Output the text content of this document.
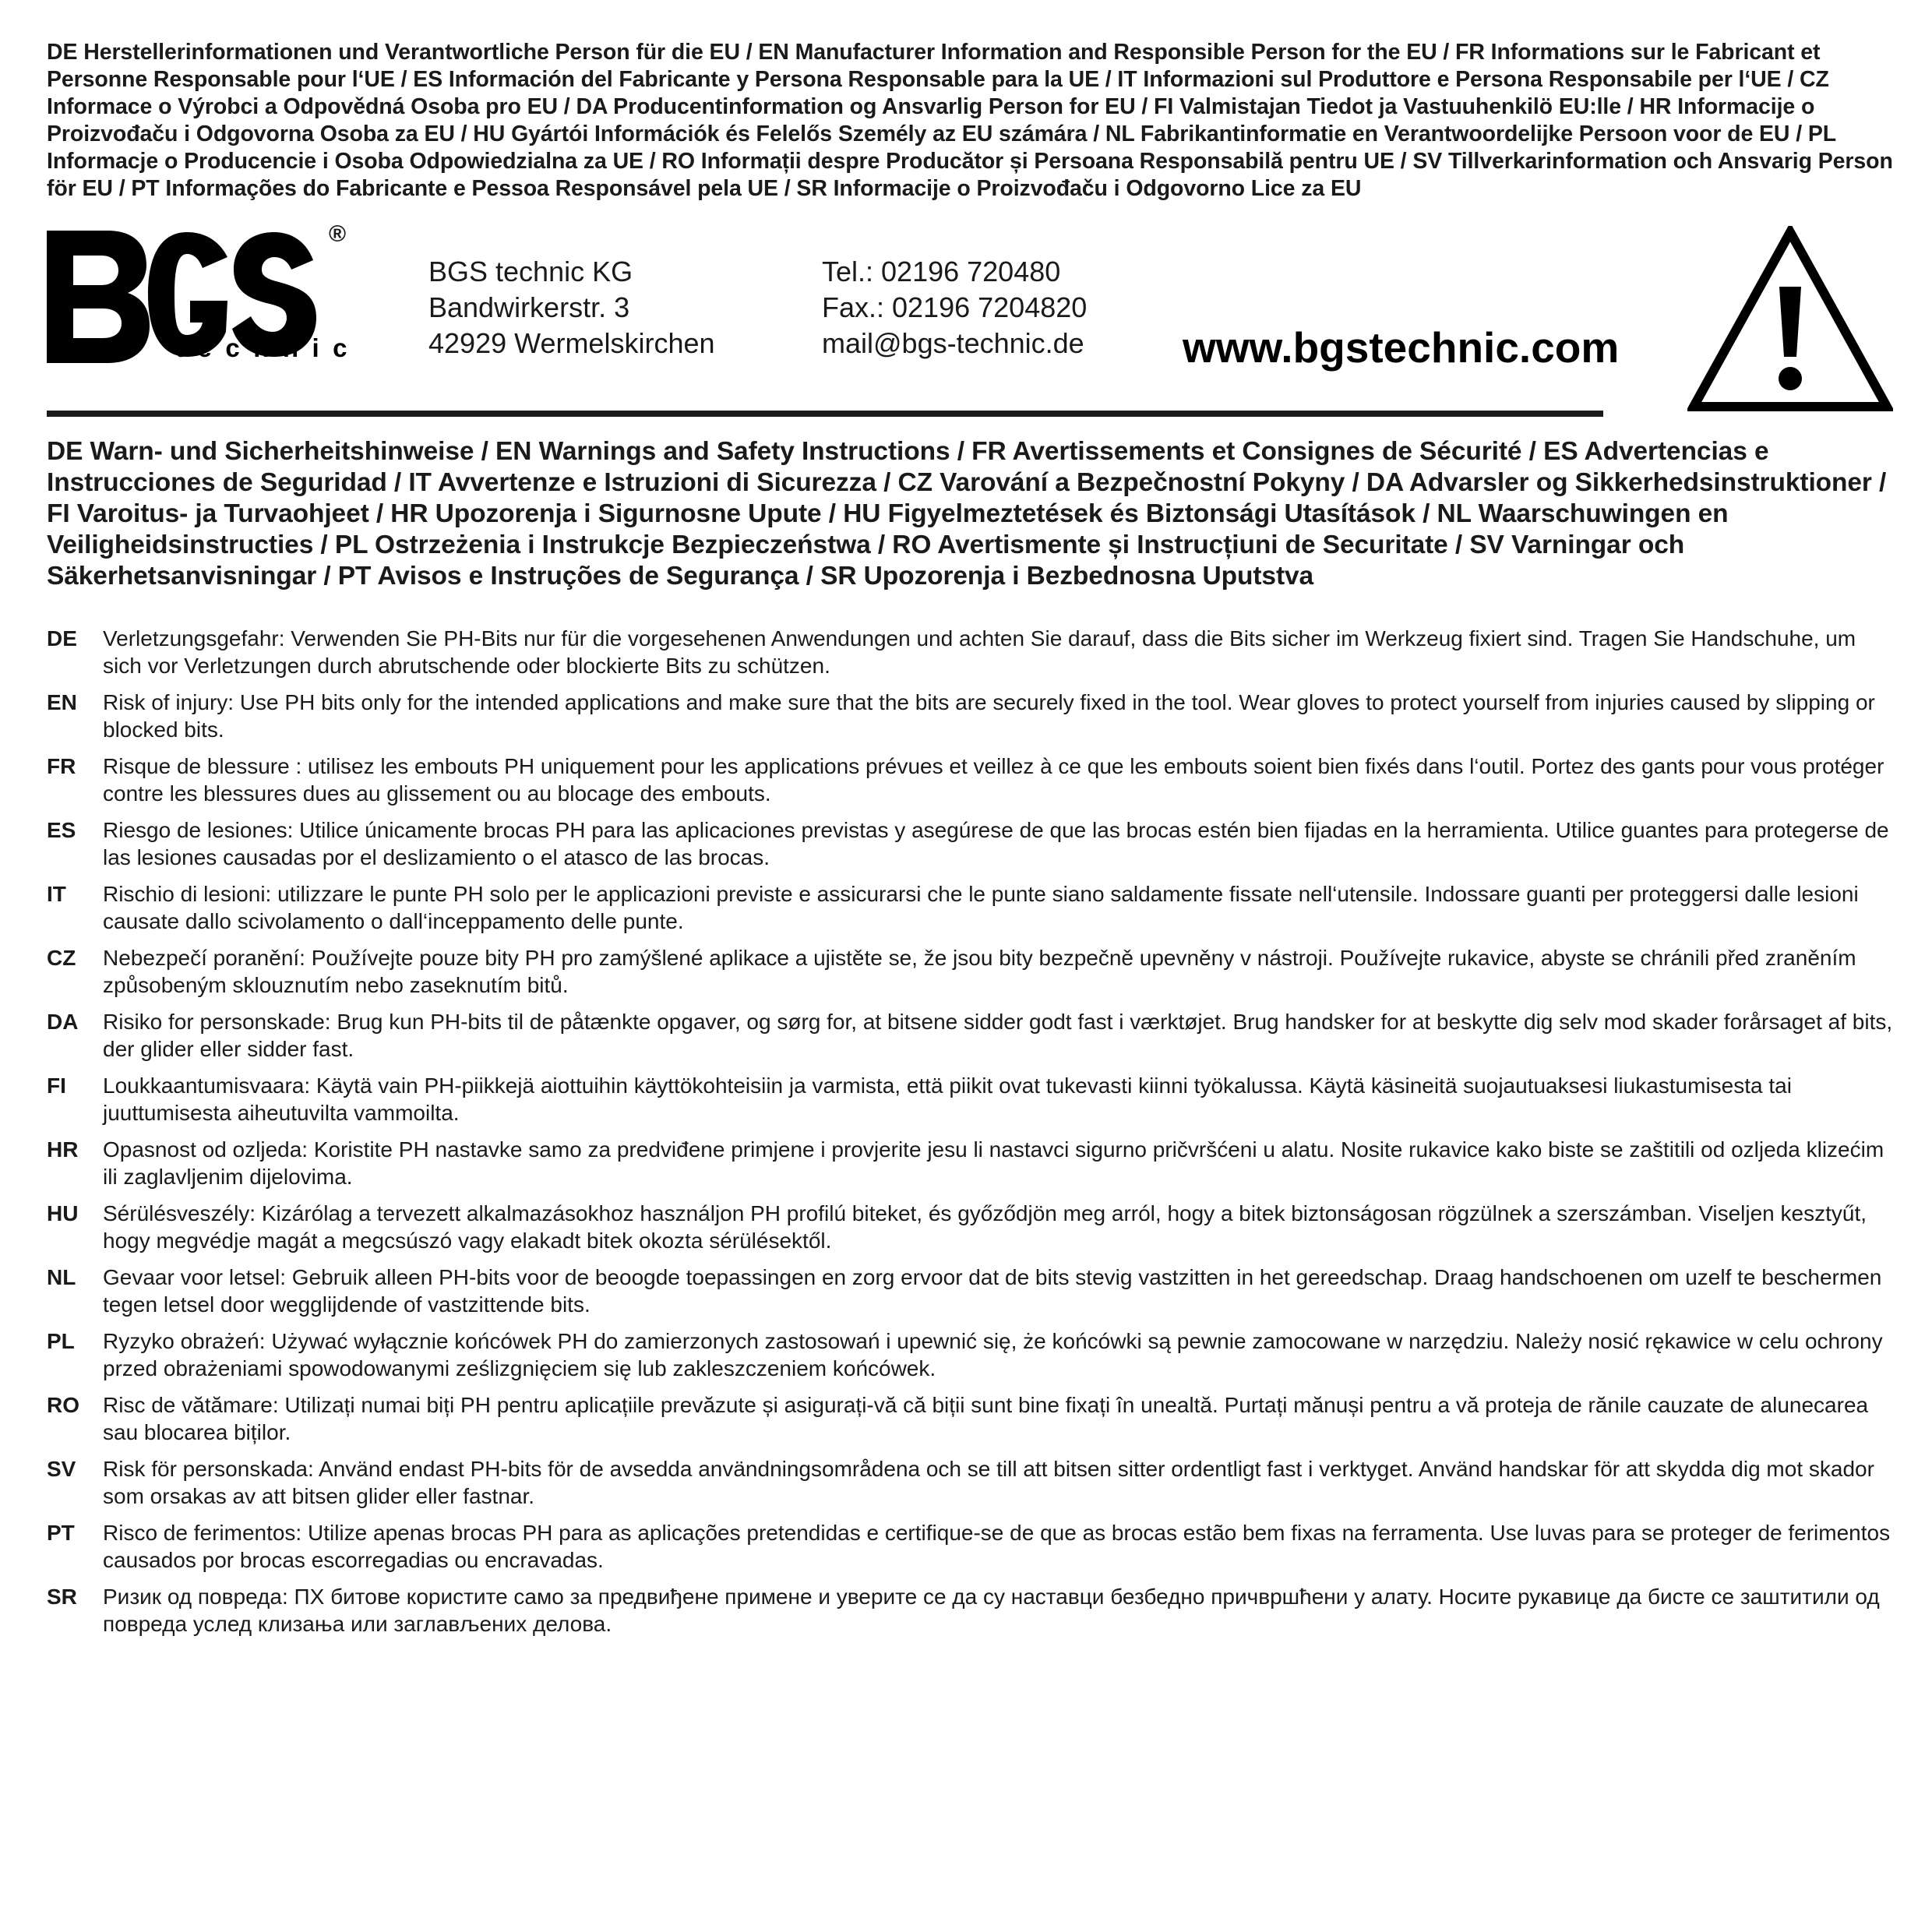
DE Herstellerinformationen und Verantwortliche Person für die EU / EN Manufacturer Information and Responsible Person for the EU / FR Informations sur le Fabricant et Personne Responsable pour l‘UE / ES Información del Fabricante y Persona Responsable para la UE / IT Informazioni sul Produttore e Persona Responsabile per l‘UE / CZ Informace o Výrobci a Odpovědná Osoba pro EU / DA Producentinformation og Ansvarlig Person for EU / FI Valmistajan Tiedot ja Vastuuhenkilö EU:lle / HR Informacije o Proizvođaču i Odgovorna Osoba za EU / HU Gyártói Információk és Felelős Személy az EU számára / NL Fabrikantinformatie en Verantwoordelijke Persoon voor de EU / PL Informacje o Producencie i Osoba Odpowiedzialna za UE / RO Informații despre Producător și Persoana Responsabilă pentru UE / SV Tillverkarinformation och Ansvarig Person för EU / PT Informações do Fabricante e Pessoa Responsável pela UE / SR Informacije o Proizvođaču i Odgovorno Lice za EU

technic
®
BGS technic KG
Bandwirkerstr. 3
42929 Wermelskirchen
Tel.: 02196 720480
Fax.: 02196 7204820
mail@bgs-technic.de www.bgstechnic.com

DE Warn- und Sicherheitshinweise / EN Warnings and Safety Instructions / FR Avertissements et Consignes de Sécurité / ES Advertencias e Instrucciones de Seguridad / IT Avvertenze e Istruzioni di Sicurezza / CZ Varování a Bezpečnostní Pokyny / DA Advarsler og Sikkerhedsinstruktioner / FI Varoitus- ja Turvaohjeet / HR Upozorenja i Sigurnosne Upute / HU Figyelmeztetések és Biztonsági Utasítások / NL Waarschuwingen en Veiligheidsinstructies / PL Ostrzeżenia i Instrukcje Bezpieczeństwa / RO Avertismente și Instrucțiuni de Securitate / SV Varningar och Säkerhetsanvisningar / PT Avisos e Instruções de Segurança / SR Upozorenja i Bezbednosna Uputstva

DE Verletzungsgefahr: Verwenden Sie PH-Bits nur für die vorgesehenen Anwendungen und achten Sie darauf, dass die Bits sicher im Werkzeug fixiert sind. Tragen Sie Handschuhe, um sich vor Verletzungen durch abrutschende oder blockierte Bits zu schützen.
EN Risk of injury: Use PH bits only for the intended applications and make sure that the bits are securely fixed in the tool. Wear gloves to protect yourself from injuries caused by slipping or blocked bits.
FR Risque de blessure : utilisez les embouts PH uniquement pour les applications prévues et veillez à ce que les embouts soient bien fixés dans l‘outil. Portez des gants pour vous protéger contre les blessures dues au glissement ou au blocage des embouts.
ES Riesgo de lesiones: Utilice únicamente brocas PH para las aplicaciones previstas y asegúrese de que las brocas estén bien fijadas en la herramienta. Utilice guantes para protegerse de las lesiones causadas por el deslizamiento o el atasco de las brocas.
IT Rischio di lesioni: utilizzare le punte PH solo per le applicazioni previste e assicurarsi che le punte siano saldamente fissate nell‘utensile. Indossare guanti per proteggersi dalle lesioni causate dallo scivolamento o dall‘inceppamento delle punte.
CZ Nebezpečí poranění: Používejte pouze bity PH pro zamýšlené aplikace a ujistěte se, že jsou bity bezpečně upevněny v nástroji. Používejte rukavice, abyste se chránili před zraněním způsobeným sklouznutím nebo zaseknutím bitů.
DA Risiko for personskade: Brug kun PH-bits til de påtænkte opgaver, og sørg for, at bitsene sidder godt fast i værktøjet. Brug handsker for at beskytte dig selv mod skader forårsaget af bits, der glider eller sidder fast.
FI Loukkaantumisvaara: Käytä vain PH-piikkejä aiottuihin käyttökohteisiin ja varmista, että piikit ovat tukevasti kiinni työkalussa. Käytä käsineitä suojautuaksesi liukastumisesta tai juuttumisesta aiheutuvilta vammoilta.
HR Opasnost od ozljeda: Koristite PH nastavke samo za predviđene primjene i provjerite jesu li nastavci sigurno pričvršćeni u alatu. Nosite rukavice kako biste se zaštitili od ozljeda klizećim ili zaglavljenim dijelovima.
HU Sérülésveszély: Kizárólag a tervezett alkalmazásokhoz használjon PH profilú biteket, és győződjön meg arról, hogy a bitek biztonságosan rögzülnek a szerszámban. Viseljen kesztyűt, hogy megvédje magát a megcsúszó vagy elakadt bitek okozta sérülésektől.
NL Gevaar voor letsel: Gebruik alleen PH-bits voor de beoogde toepassingen en zorg ervoor dat de bits stevig vastzitten in het gereedschap. Draag handschoenen om uzelf te beschermen tegen letsel door wegglijdende of vastzittende bits.
PL Ryzyko obrażeń: Używać wyłącznie końcówek PH do zamierzonych zastosowań i upewnić się, że końcówki są pewnie zamocowane w narzędziu. Należy nosić rękawice w celu ochrony przed obrażeniami spowodowanymi ześlizgnięciem się lub zakleszczeniem końcówek.
RO Risc de vătămare: Utilizați numai biți PH pentru aplicațiile prevăzute și asigurați-vă că biții sunt bine fixați în unealtă. Purtați mănuși pentru a vă proteja de rănile cauzate de alunecarea sau blocarea biților.
SV Risk för personskada: Använd endast PH-bits för de avsedda användningsområdena och se till att bitsen sitter ordentligt fast i verktyget. Använd handskar för att skydda dig mot skador som orsakas av att bitsen glider eller fastnar.
PT Risco de ferimentos: Utilize apenas brocas PH para as aplicações pretendidas e certifique-se de que as brocas estão bem fixas na ferramenta. Use luvas para se proteger de ferimentos causados por brocas escorregadias ou encravadas.
SR Ризик од повреда: ПХ битове користите само за предвиђене примене и уверите се да су наставци безбедно причвршћени у алату. Носите рукавице да бисте се заштитили од повреда услед клизања или заглављених делова.
